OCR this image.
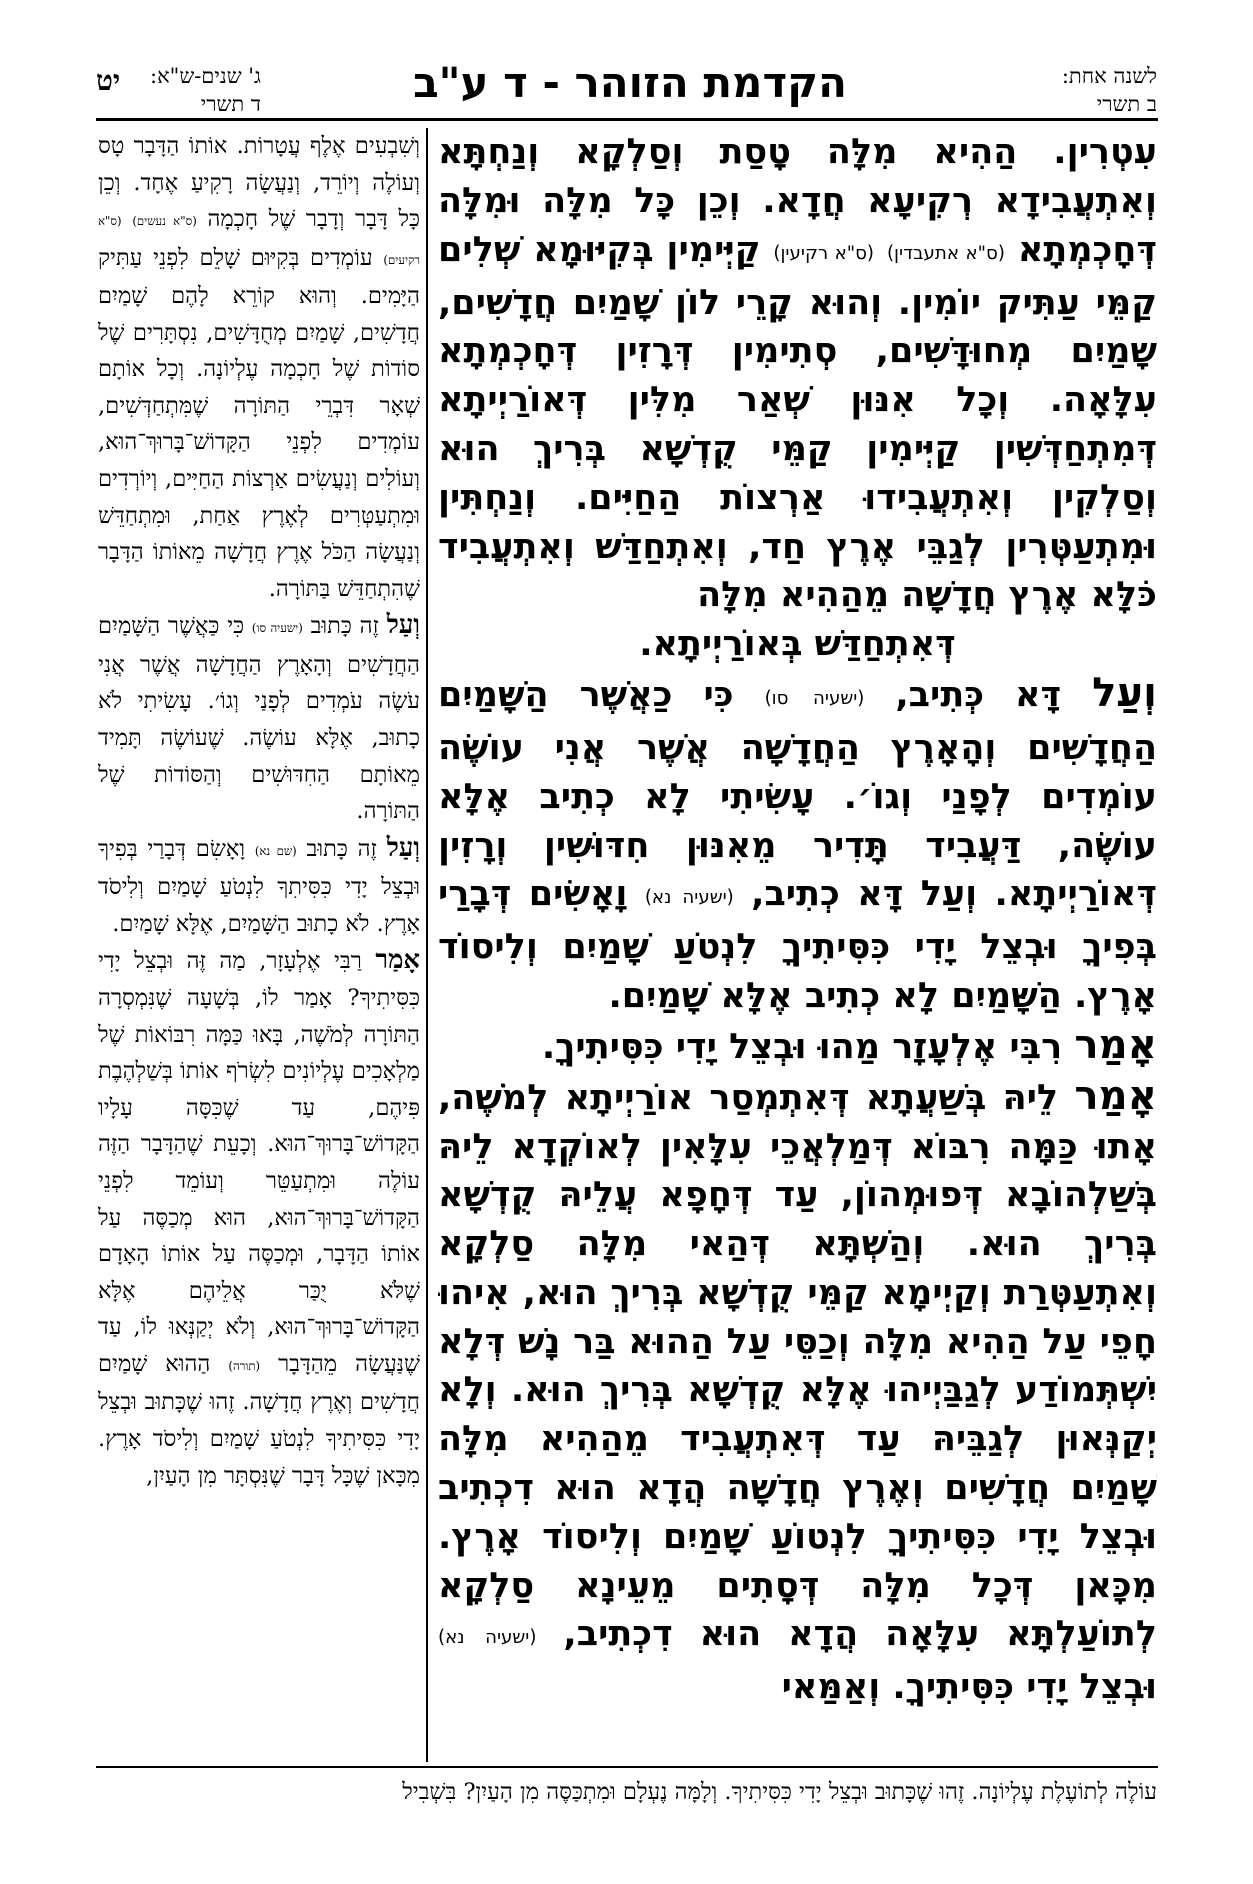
לשנה אחת:
ב תשרי
הקדמת הזוהר - ד ע"ב
ג' שנים-ש"א:
ד תשרי
יט

עִטְרִין. הַהִיא מִלָּה טָסַת וְסַלְקָא וְנַחְתָּא וְאִתְעֲבִידָא רְקִיעָא חֲדָא. וְכֵן כָּל מִלָּה וּמִלָּה דְּחָכְמְתָא (ס"א אתעבדין) (ס"א רקיעין) קַיְּימִין בְּקִיּוּמָא שְׁלִים קַמֵּי עַתִּיק יוֹמִין. וְהוּא קָרֵי לוֹן שָׁמַיִם חֲדָשִׁים, שָׁמַיִם מְחוּדָּשִׁים, סְתִימִין דְּרָזִין דְּחָכְמְתָא עִלָּאָה. וְכָל אִנּוּן שְׁאַר מִלִּין דְּאוֹרַיְיתָא דְּמִתְחַדְּשִׁין קַיְּימִין קַמֵּי קֻדְשָׁא בְּרִיךְ הוּא וְסַלְקִין וְאִתְעֲבִידוּ אַרְצוֹת הַחַיִּים. וְנַחְתִּין וּמִתְעַטְּרִין לְגַבֵּי אֶרֶץ חַד, וְאִתְחַדַּשׁ וְאִתְעֲבִיד כֹּלָּא אֶרֶץ חֲדָשָׁה מֵהַהִיא מִלָּה

דְּאִתְחַדַּשׁ בְּאוֹרַיְיתָא.

וְעַל דָּא כְּתִיב, (ישעיה סו) כִּי כַאֲשֶׁר הַשָּׁמַיִם הַחֲדָשִׁים וְהָאָרֶץ הַחֲדָשָׁה אֲשֶׁר אֲנִי עוֹשֶׂה עוֹמְדִים לְפָנַי וְגוֹ׳. עָשִׂיתִי לָא כְתִיב אֶלָּא עוֹשֶׂה, דַּעֲבִיד תָּדִיר מֵאִנּוּן חִדּוּשִׁין וְרָזִין דְּאוֹרַיְיתָא. וְעַל דָּא כְתִיב, (ישעיה נא) וָאָשִׂים דְּבָרַי בְּפִיךָ וּבְצֵל יָדִי כִּסִּיתִיךָ לִנְטֹעַ שָׁמַיִם וְלִיסוֹד אָרֶץ. הַשָּׁמַיִם לָא כְתִיב אֶלָּא שָׁמַיִם.

אָמַר רִבִּי אֶלְעָזָר מַהוּ וּבְצֵל יָדִי כִּסִּיתִיךָ.

אָמַר לֵיהּ בְּשַׁעֲתָא דְּאִתְמְסַר אוֹרַיְיתָא לְמֹשֶׁה, אָתוּ כַּמָּה רִבּוֹא דְּמַלְאֲכֵי עִלָּאִין לְאוֹקְדָא לֵיהּ בְּשַׁלְהוֹבָא דְּפוּמְהוֹן, עַד דְּחָפָא עֲלֵיהּ קֻדְשָׁא בְּרִיךְ הוּא. וְהַשְׁתָּא דְּהַאי מִלָּה סַלְקָא וְאִתְעַטְּרַת וְקַיְימָא קַמֵּי קֻדְשָׁא בְּרִיךְ הוּא, אִיהוּ חָפֵי עַל הַהִיא מִלָּה וְכַסֵּי עַל הַהוּא בַּר נָשׁ דְּלָא יִשְׁתְּמוֹדַע לְגַבַּיְיהוּ אֶלָּא קֻדְשָׁא בְּרִיךְ הוּא. וְלָא יְקַנְּאוּן לְגַבֵּיהּ עַד דְּאִתְעֲבִיד מֵהַהִיא מִלָּה שָׁמַיִם חֲדָשִׁים וְאֶרֶץ חֲדָשָׁה הֲדָא הוּא דִכְתִיב וּבְצֵל יָדִי כִּסִּיתִיךָ לִנְטוֹעַ שָׁמַיִם וְלִיסוֹד אָרֶץ. מִכָּאן דְּכָל מִלָּה דְּסָתִים מֵעֵינָא סַלְקָא לְתוֹעַלְתָּא עִלָּאָה הֲדָא הוּא דִכְתִיב, (ישעיה נא) וּבְצֵל יָדִי כִּסִּיתִיךָ. וְאַמַּאי

וְשִׁבְעִים אֶלֶף עֲטָרוֹת. אוֹתוֹ הַדָּבָר טָס וְעוֹלֶה וְיוֹרֵד, וְנַעֲשָׂה רָקִיעַ אֶחָד. וְכֵן כָּל דָּבָר וְדָבָר שֶׁל חָכְמָה (ס"א נעשים) (ס"א רקיעים) עוֹמְדִים בְּקִיּוּם שָׁלֵם לִפְנֵי עַתִּיק הַיָּמִים. וְהוּא קוֹרֵא לָהֶם שָׁמַיִם חֲדָשִׁים, שָׁמַיִם מְחֻדָּשִׁים, נִסְתָּרִים שֶׁל סוֹדוֹת שֶׁל חָכְמָה עֶלְיוֹנָה. וְכָל אוֹתָם שְׁאָר דִּבְרֵי הַתּוֹרָה שֶׁמִּתְחַדְּשִׁים, עוֹמְדִים לִפְנֵי הַקָּדוֹשׁ־בָּרוּךְ־הוּא, וְעוֹלִים וְנַעֲשִׂים אַרְצוֹת הַחַיִּים, וְיוֹרְדִים וּמִתְעַטְּרִים לְאֶרֶץ אַחַת, וּמִתְחַדֵּשׁ וְנַעֲשָׂה הַכֹּל אֶרֶץ חֲדָשָׁה מֵאוֹתוֹ הַדָּבָר שֶׁהִתְחַדֵּשׁ בַּתּוֹרָה.

וְעַל זֶה כָּתוּב (ישעיה סו) כִּי כַּאֲשֶׁר הַשָּׁמַיִם הַחֲדָשִׁים וְהָאָרֶץ הַחֲדָשָׁה אֲשֶׁר אֲנִי עֹשֶׂה עֹמְדִים לְפָנַי וְגוֹ׳. עָשִׂיתִי לֹא כָתוּב, אֶלָּא עוֹשֶׂה. שֶׁעוֹשֶׂה תָּמִיד מֵאוֹתָם הַחִדּוּשִׁים וְהַסּוֹדוֹת שֶׁל הַתּוֹרָה.

וְעַל זֶה כָּתוּב (שם נא) וָאָשִׂם דְּבָרַי בְּפִיךָ וּבְצֵל יָדִי כִּסִּיתִךָ לִנְטֹעַ שָׁמַיִם וְלִיסֹד אָרֶץ. לֹא כָתוּב הַשָּׁמַיִם, אֶלָּא שָׁמַיִם.

אָמַר רַבִּי אֶלְעָזָר, מַה זֶּה וּבְצֵל יָדִי כִּסִּיתִיךָ? אָמַר לוֹ, בְּשָׁעָה שֶׁנִּמְסְרָה הַתּוֹרָה לְמֹשֶׁה, בָּאוּ כַּמָּה רִבּוֹאוֹת שֶׁל מַלְאָכִים עֶלְיוֹנִים לִשְׂרֹף אוֹתוֹ בְּשַׁלְהֶבֶת פִּיהֶם, עַד שֶׁכִּסָּה עָלָיו הַקָּדוֹשׁ־בָּרוּךְ־הוּא. וְכָעֵת שֶׁהַדָּבָר הַזֶּה עוֹלֶה וּמִתְעַטֵּר וְעוֹמֵד לִפְנֵי הַקָּדוֹשׁ־בָּרוּךְ־הוּא, הוּא מְכַסֶּה עַל אוֹתוֹ הַדָּבָר, וּמְכַסֶּה עַל אוֹתוֹ הָאָדָם שֶׁלֹּא יֻכַּר אֲלֵיהֶם אֶלָּא הַקָּדוֹשׁ־בָּרוּךְ־הוּא, וְלֹא יְקַנְּאוּ לוֹ, עַד שֶׁנַּעֲשָׂה מֵהַדָּבָר (תורה) הַהוּא שָׁמַיִם חֲדָשִׁים וְאֶרֶץ חֲדָשָׁה. זֶהוּ שֶׁכָּתוּב וּבְצֵל יָדִי כִּסִּיתִיךָ לִנְטֹעַ שָׁמַיִם וְלִיסֹד אָרֶץ. מִכָּאן שֶׁכָּל דָּבָר שֶׁנִּסְתָּר מִן הָעַיִן,

עוֹלֶה לְתוֹעֶלֶת עֶלְיוֹנָה. זֶהוּ שֶׁכָּתוּב וּבְצֵל יָדִי כִּסִּיתִיךָ. וְלָמָּה נֶעְלָם וּמִתְכַּסֶּה מִן הָעַיִן? בִּשְׁבִיל
